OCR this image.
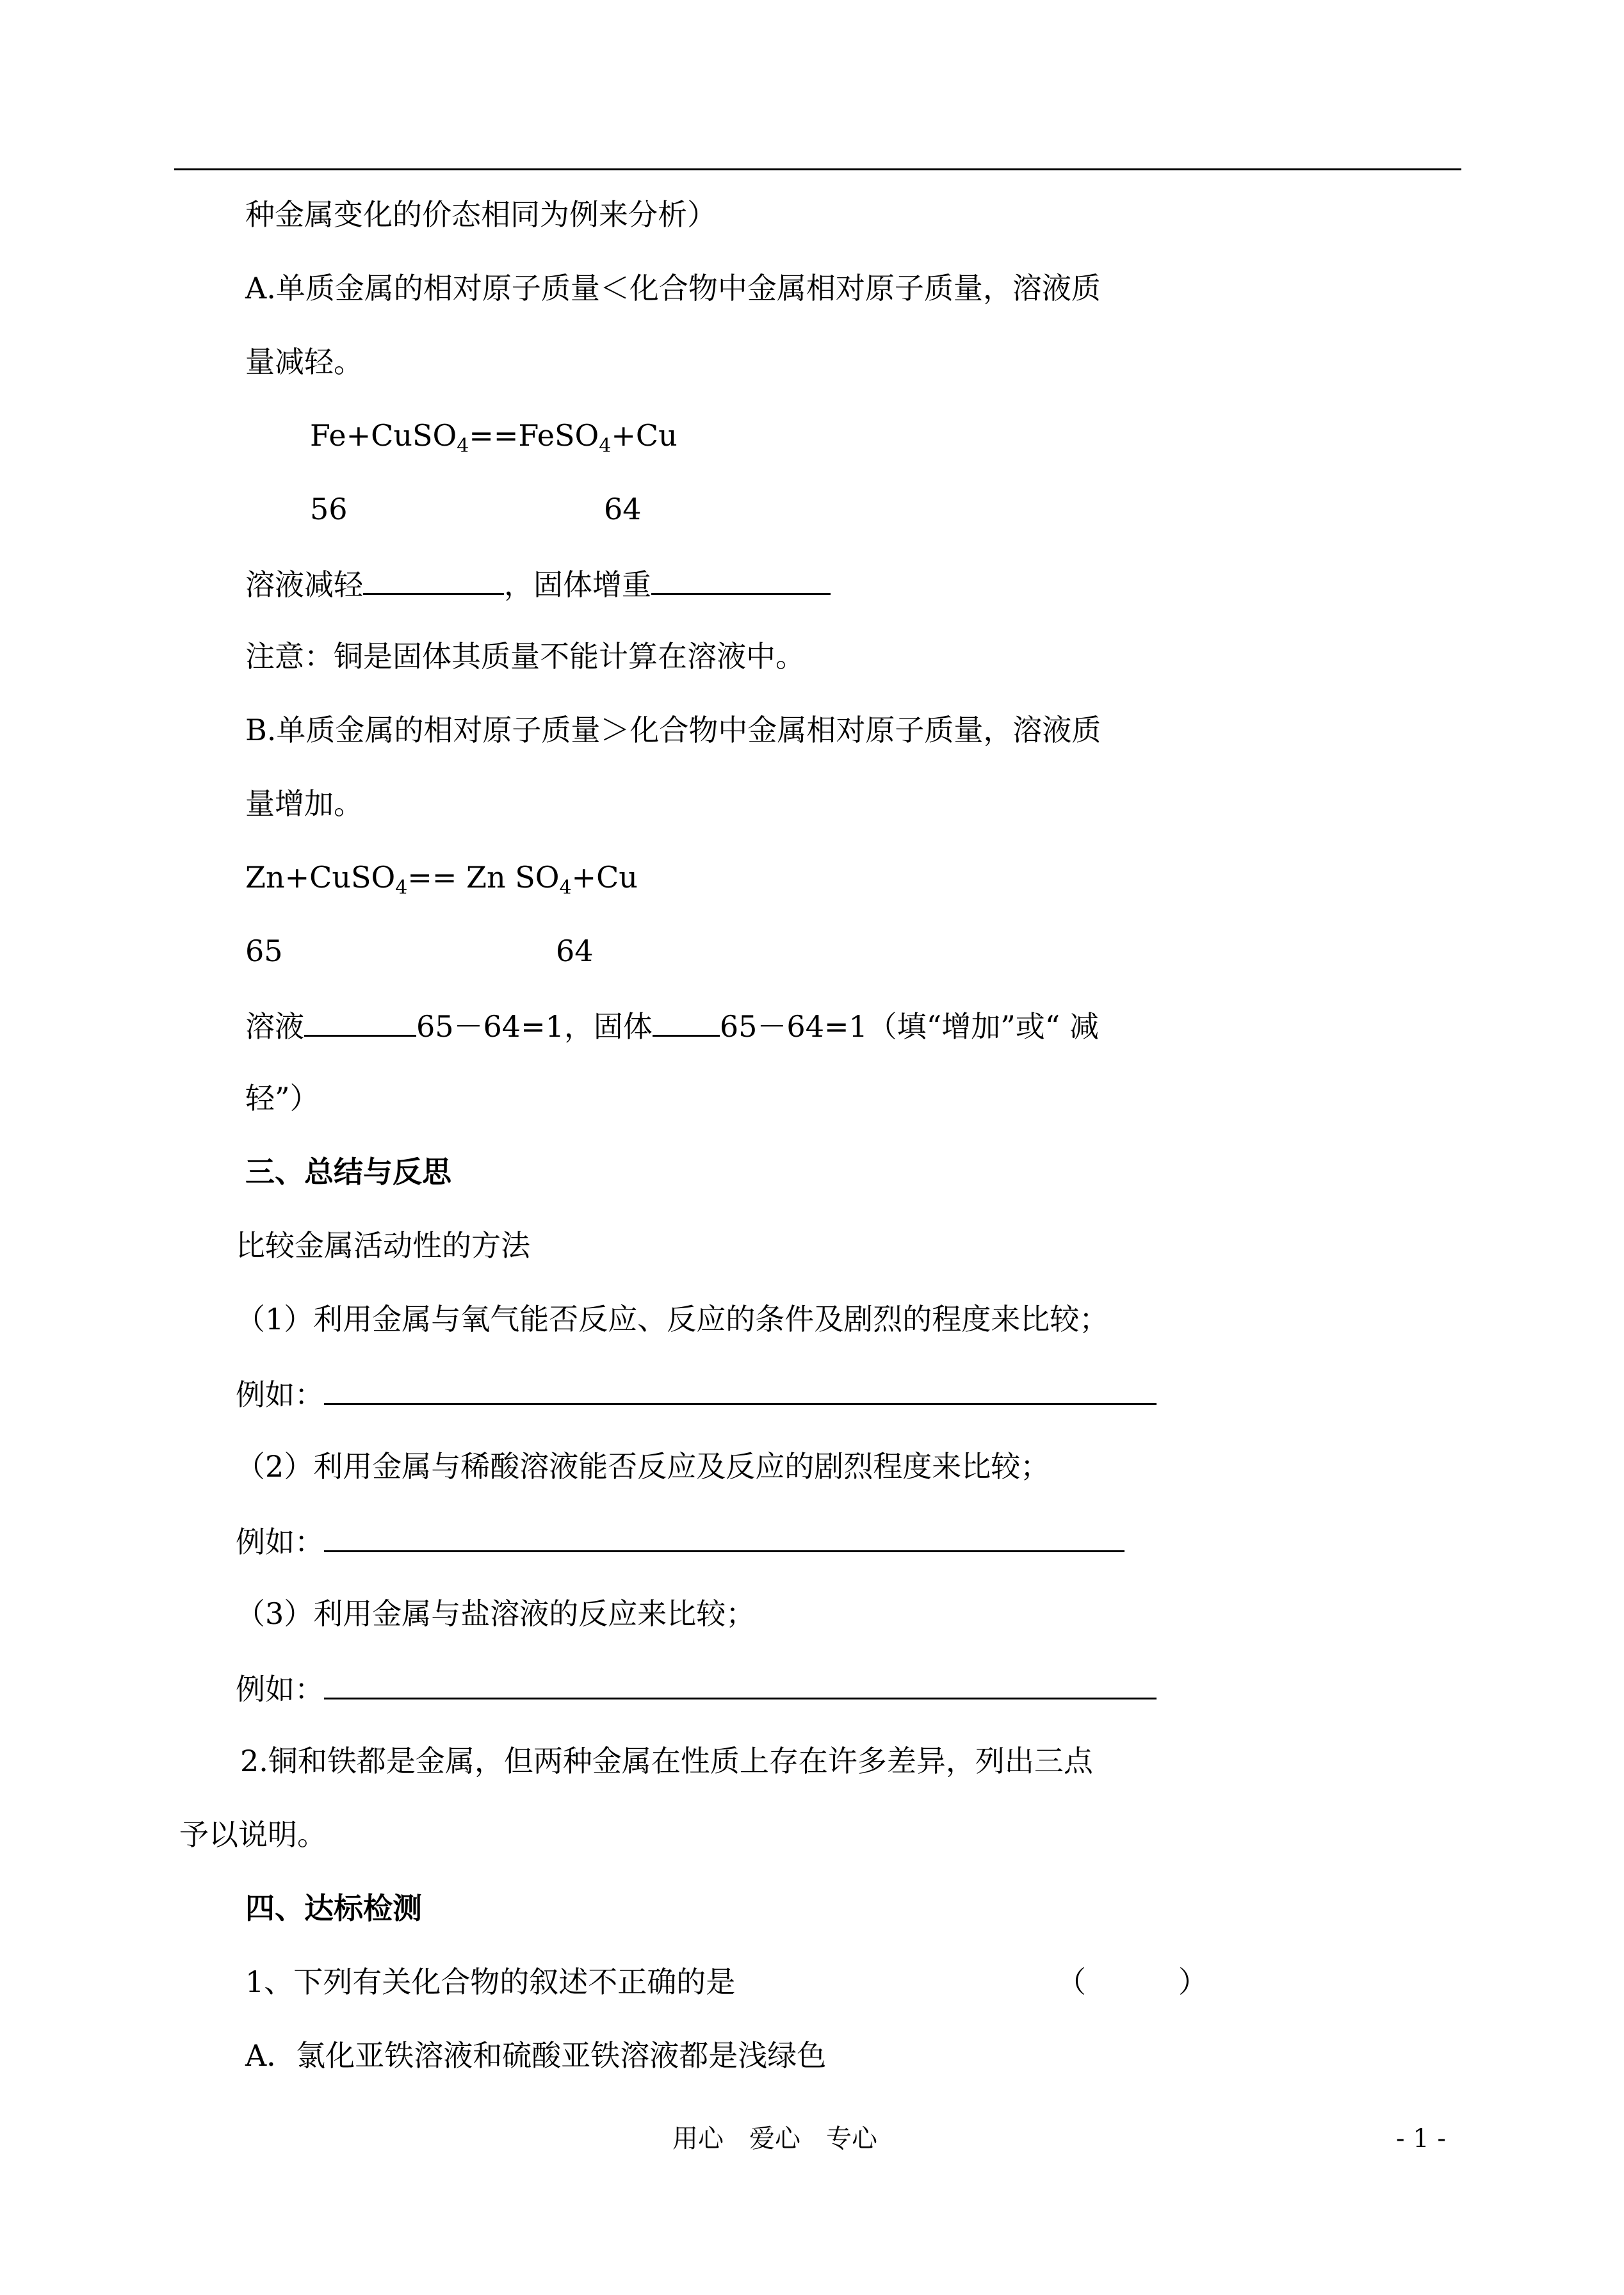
种金属变化的价态相同为例来分析）
A.单质金属的相对原子质量＜化合物中金属相对原子质量，溶液质
量减轻。
Fe+CuSO$_4$==FeSO$_4$+Cu
56	64
溶液减轻	，固体增重
注意：铜是固体其质量不能计算在溶液中。
B.单质金属的相对原子质量＞化合物中金属相对原子质量，溶液质
量增加。
Zn+CuSO$_4$== Zn $SO_4+Cu$
65	64
溶液	65－64=1，固体 65－64=1（填“增加”或“ 减
轻”）
三、总结与反思
比较金属活动性的方法
（1）利用金属与氧气能否反应、反应的条件及剧烈的程度来比较；
例如：
（2）利用金属与稀酸溶液能否反应及反应的剧烈程度来比较；
例如：
（3）利用金属与盐溶液的反应来比较；
例如：
2.铜和铁都是金属，但两种金属在性质上存在许多差异，列出三点
予以说明。
四、达标检测
1、下列有关化合物的叙述不正确的是	（	）
A．氯化亚铁溶液和硫酸亚铁溶液都是浅绿色
用心　爱心　专心	- 1 -
